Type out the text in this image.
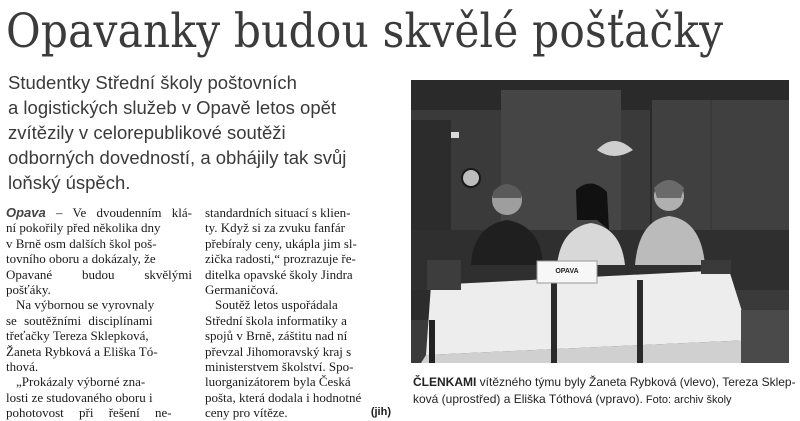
Opavanky budou skvělé pošťačky
Studentky Střední školy poštovních
a logistických služeb v Opavě letos opět
zvítězily v celorepublikové soutěži
odborných dovedností, a obhájily tak svůj
loňský úspěch.
Opava – Ve dvoudenním klá-
ní pokořily před několika dny
v Brně osm dalších škol poš-
tovního oboru a dokázaly, že
Opavané budou skvělými
pošťáky.
Na výbornou se vyrovnaly
se soutěžními disciplínami
třeťačky Tereza Sklepková,
Žaneta Rybková a Eliška Tó-
thová.
„Prokázaly výborné zna-
losti ze studovaného oboru i
pohotovost při řešení ne-
standardních situací s klien-
ty. Když si za zvuku fanfár
přebíraly ceny, ukápla jim sl-
zička radosti,“ prozrazuje ře-
ditelka opavské školy Jindra
Germaničová.
Soutěž letos uspořádala
Střední škola informatiky a
spojů v Brně, záštitu nad ní
převzal Jihomoravský kraj s
ministerstvem školství. Spo-
luorganizátorem byla Česká
pošta, která dodala i hodnotné
ceny pro vítěze.	(jih)
OPAVA
ČLENKAMI vítězného týmu byly Žaneta Rybková (vlevo), Tereza Sklep-
ková (uprostřed) a Eliška Tóthová (vpravo). Foto: archiv školy
